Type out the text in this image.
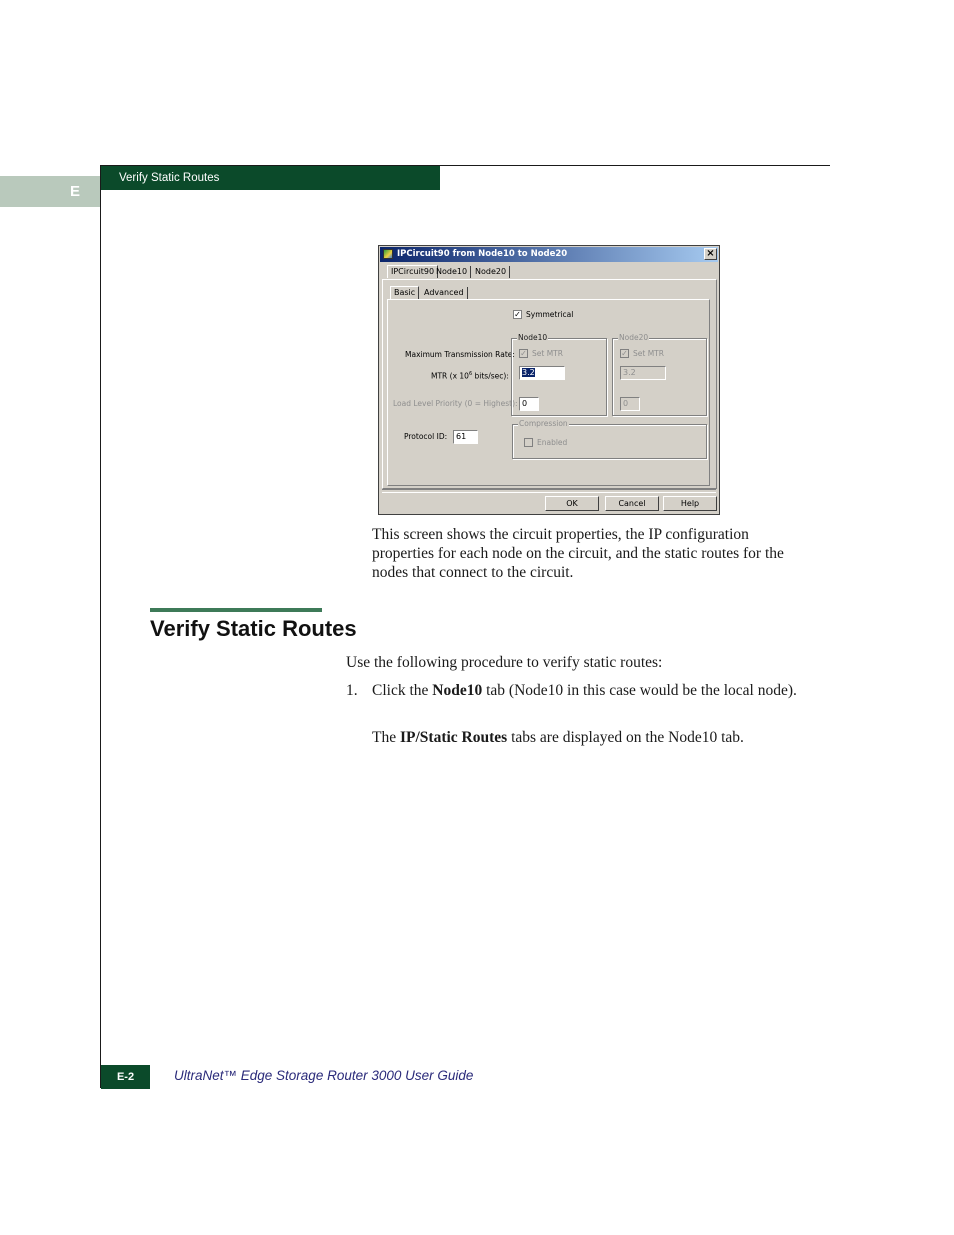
Verify Static Routes
E
IPCircuit90 from Node10 to Node20	×
IPCircuit90 Node10 Node20
Basic	Advanced
✓ Symmetrical
Maximum Transmission Rate:
MTR (x $10^6$ bits/sec):
Load Level Priority (0 = Highest):
Protocol ID:
Node10
✓ Set MTR
3.2
0
Node20
✓ Set MTR
3.2
0
61
Compression
Enabled
OK	Cancel	Help
This screen shows the circuit properties, the IP configuration properties for each node on the circuit, and the static routes for the nodes that connect to the circuit.
Verify Static Routes
Use the following procedure to verify static routes:
1. Click the Node10 tab (Node10 in this case would be the local node).
The IP/Static Routes tabs are displayed on the Node10 tab.
E-2	UltraNet™ Edge Storage Router 3000 User Guide
